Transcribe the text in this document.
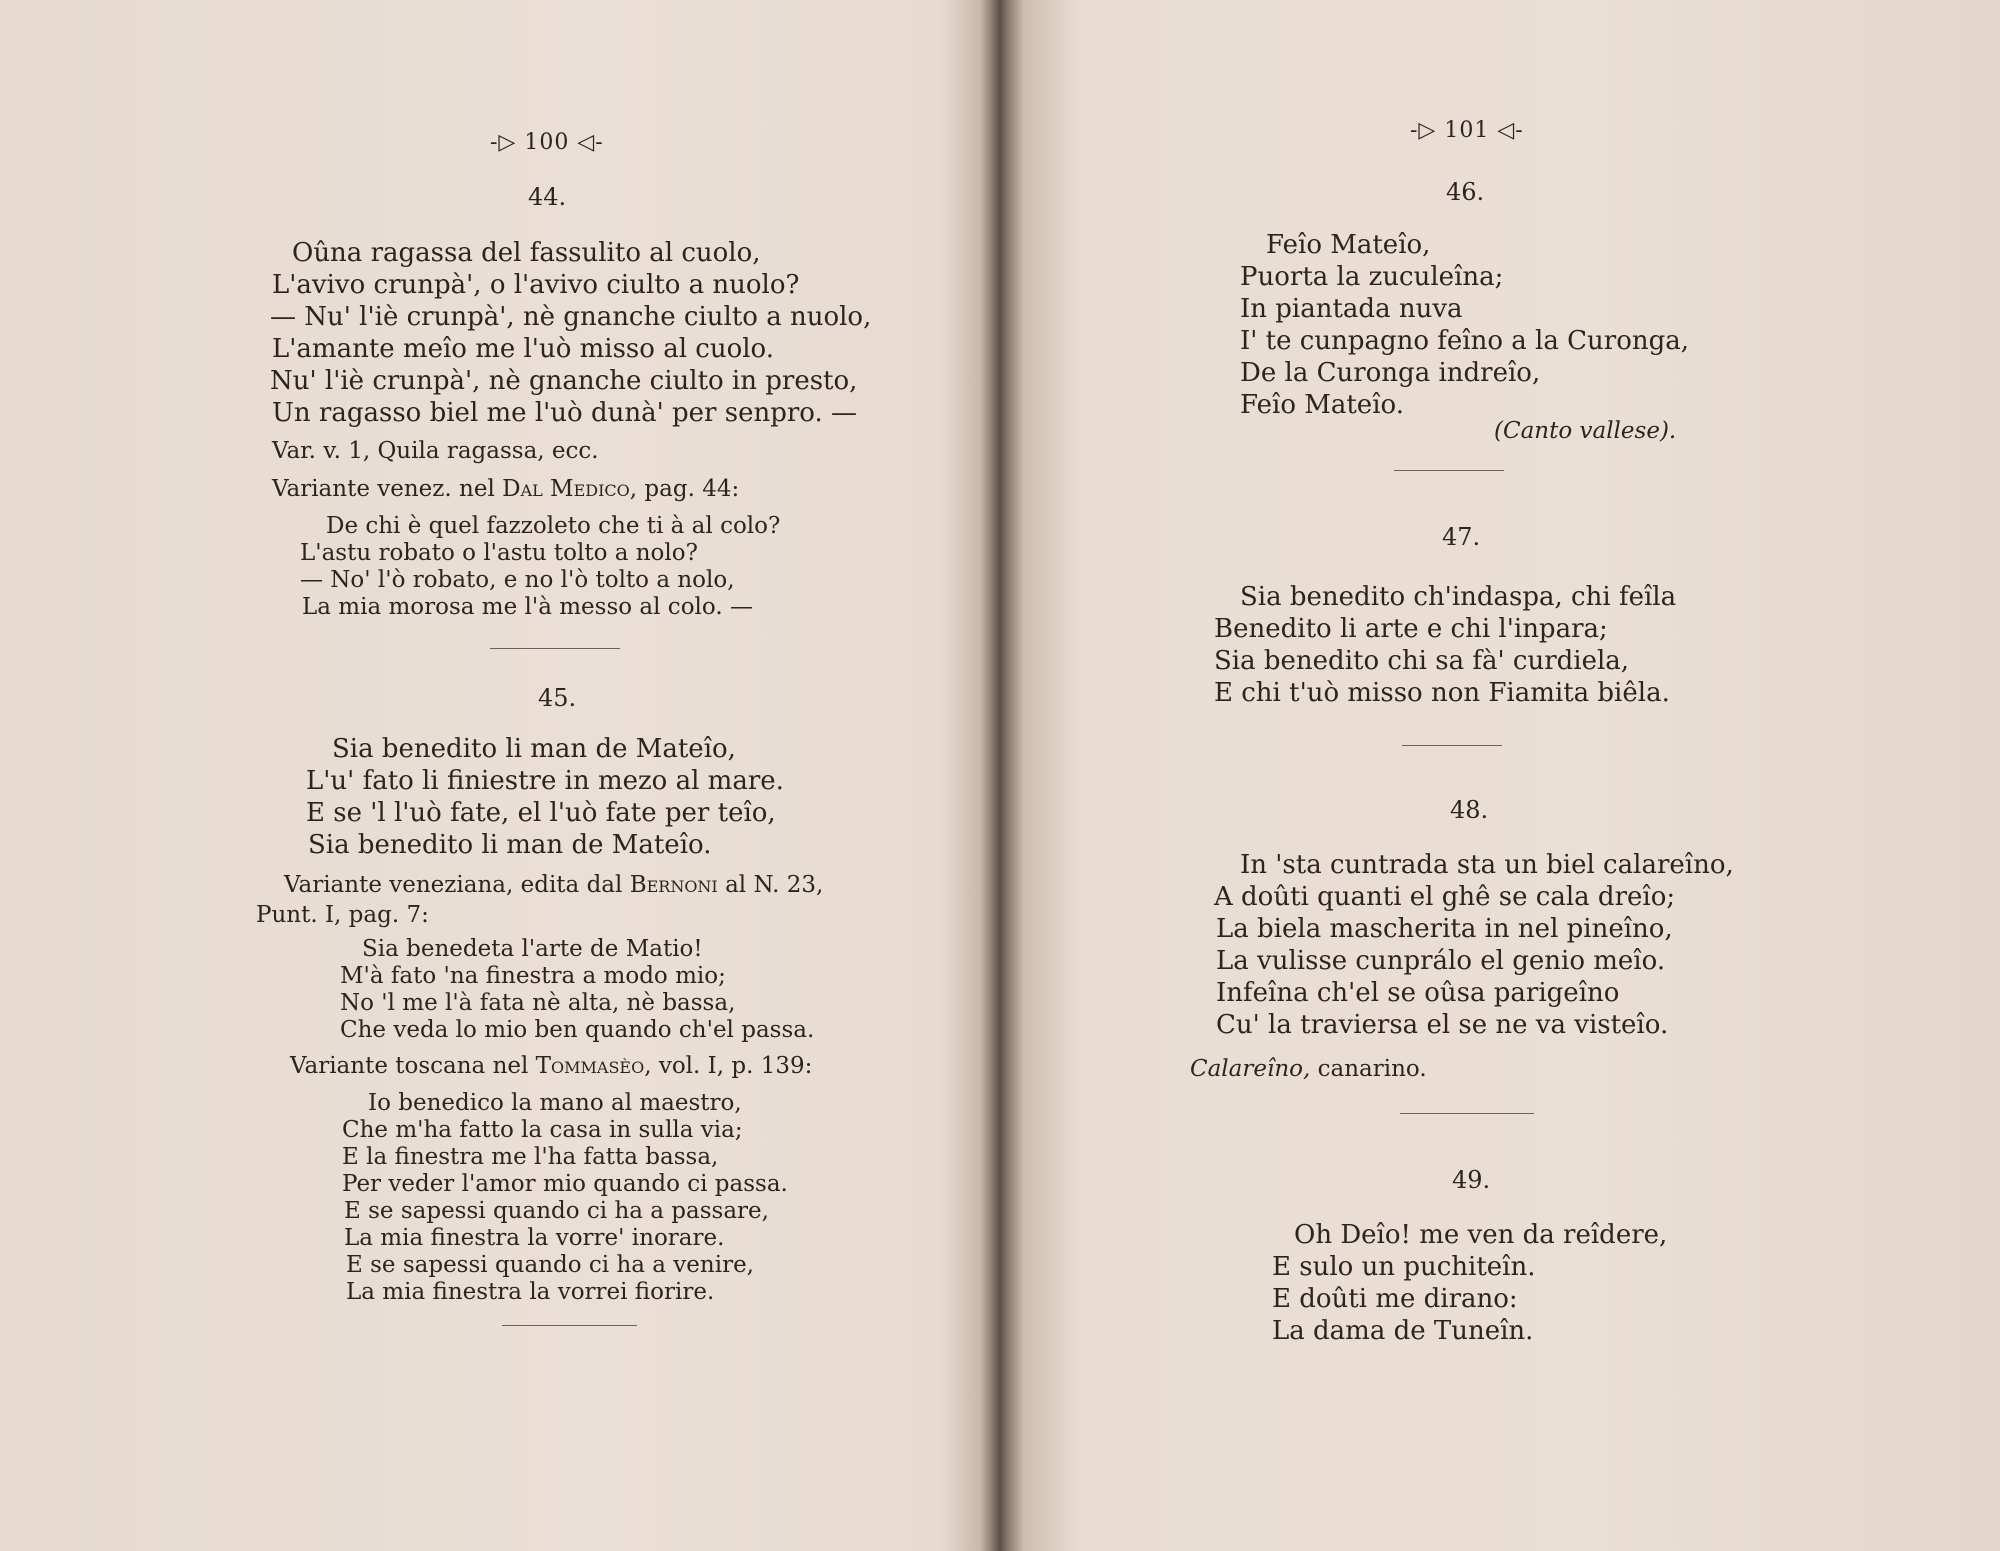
-▷ 100 ◁-
44.
Oûna ragassa del fassulito al cuolo,
L'avivo crunpà', o l'avivo ciulto a nuolo?
— Nu' l'iè crunpà', nè gnanche ciulto a nuolo,
L'amante meîo me l'uò misso al cuolo.
Nu' l'iè crunpà', nè gnanche ciulto in presto,
Un ragasso biel me l'uò dunà' per senpro. —
Var. v. 1, Quila ragassa, ecc.
Variante venez. nel Dal Medico, pag. 44:
De chi è quel fazzoleto che ti à al colo?
L'astu robato o l'astu tolto a nolo?
— No' l'ò robato, e no l'ò tolto a nolo,
La mia morosa me l'à messo al colo. —
45.
Sia benedito li man de Mateîo,
L'u' fato li finiestre in mezo al mare.
E se 'l l'uò fate, el l'uò fate per teîo,
Sia benedito li man de Mateîo.
Variante veneziana, edita dal Bernoni al N. 23,
Punt. I, pag. 7:
Sia benedeta l'arte de Matio!
M'à fato 'na finestra a modo mio;
No 'l me l'à fata nè alta, nè bassa,
Che veda lo mio ben quando ch'el passa.
Variante toscana nel Tommasèo, vol. I, p. 139:
Io benedico la mano al maestro,
Che m'ha fatto la casa in sulla via;
E la finestra me l'ha fatta bassa,
Per veder l'amor mio quando ci passa.
E se sapessi quando ci ha a passare,
La mia finestra la vorre' inorare.
E se sapessi quando ci ha a venire,
La mia finestra la vorrei fiorire.
-▷ 101 ◁-
46.
Feîo Mateîo,
Puorta la zuculeîna;
In piantada nuva
I' te cunpagno feîno a la Curonga,
De la Curonga indreîo,
Feîo Mateîo.
(Canto vallese).
47.
Sia benedito ch'indaspa, chi feîla
Benedito li arte e chi l'inpara;
Sia benedito chi sa fà' curdiela,
E chi t'uò misso non Fiamita biêla.
48.
In 'sta cuntrada sta un biel calareîno,
A doûti quanti el ghê se cala dreîo;
La biela mascherita in nel pineîno,
La vulisse cunprálo el genio meîo.
Infeîna ch'el se oûsa parigeîno
Cu' la traviersa el se ne va visteîo.
Calareîno, canarino.
49.
Oh Deîo! me ven da reîdere,
E sulo un puchiteîn.
E doûti me dirano:
La dama de Tuneîn.
